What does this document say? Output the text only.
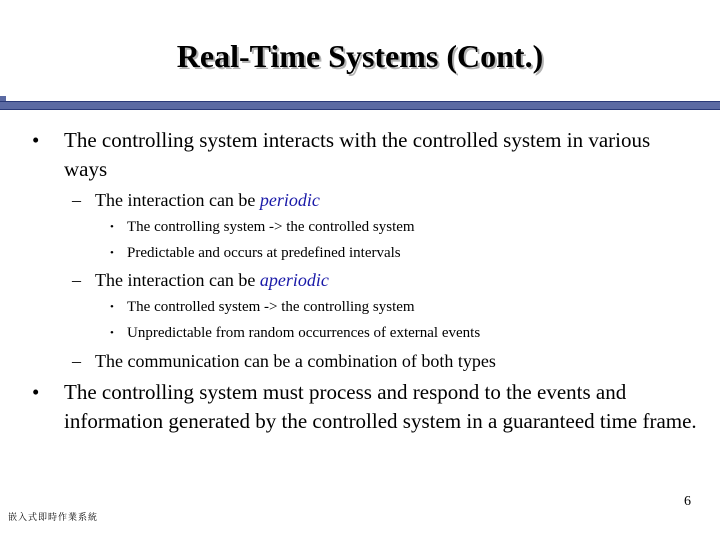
Real-Time Systems (Cont.)
• The controlling system interacts with the controlled system in various ways
– The interaction can be periodic
• The controlling system -> the controlled system
• Predictable and occurs at predefined intervals
– The interaction can be aperiodic
• The controlled system -> the controlling system
• Unpredictable from random occurrences of external events
– The communication can be a combination of both types
• The controlling system must process and respond to the events and information generated by the controlled system in a guaranteed time frame.
6
嵌入式即時作業系統
